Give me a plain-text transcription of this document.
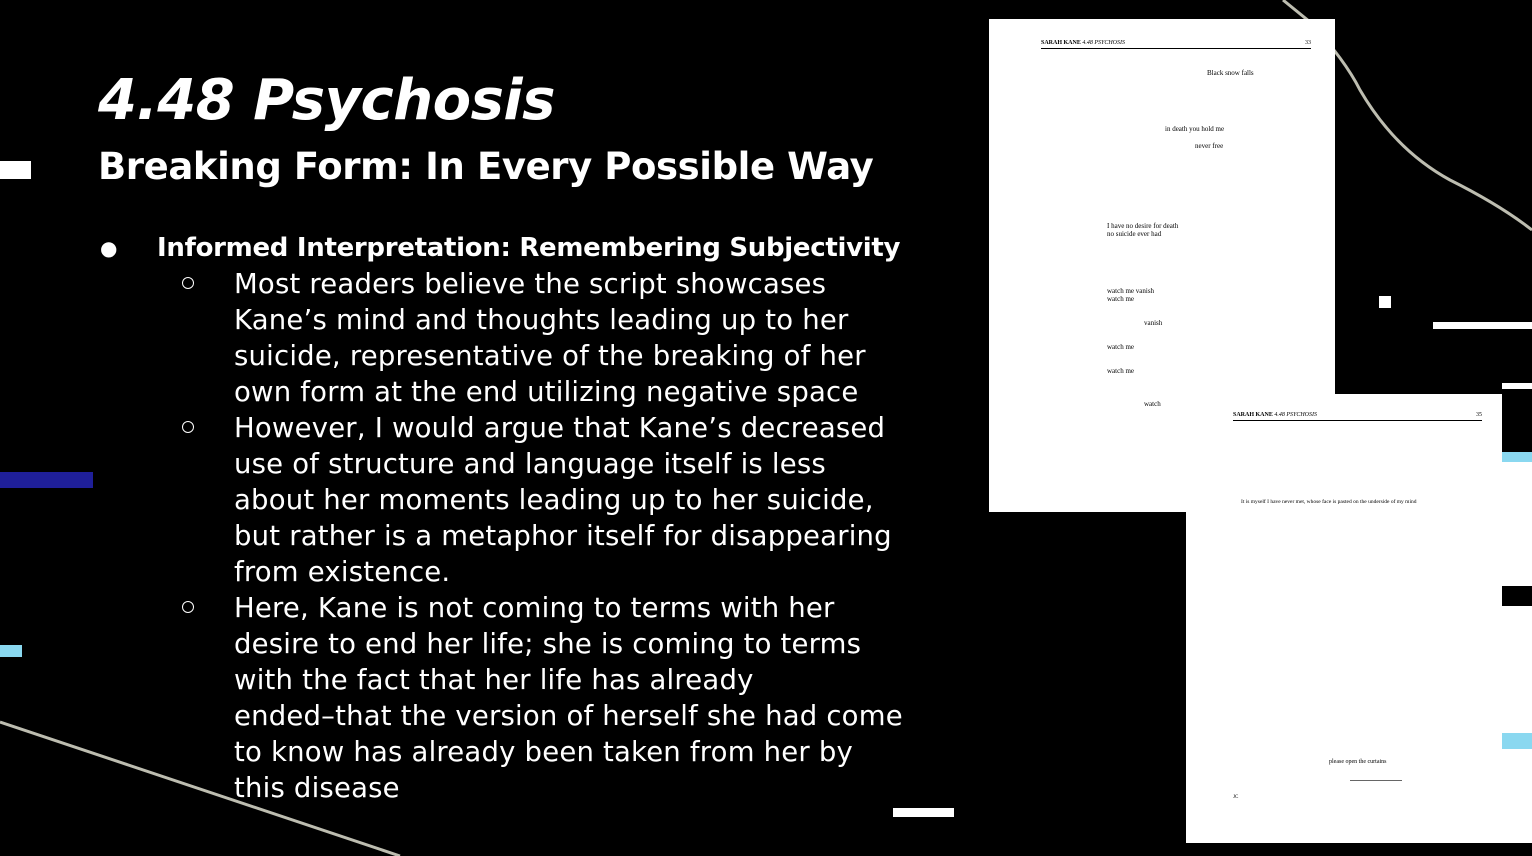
4.48 Psychosis
Breaking Form: In Every Possible Way
● Informed Interpretation: Remembering Subjectivity
Most readers believe the script showcases
Kane’s mind and thoughts leading up to her
suicide, representative of the breaking of her
own form at the end utilizing negative space
However, I would argue that Kane’s decreased
use of structure and language itself is less
about her moments leading up to her suicide,
but rather is a metaphor itself for disappearing
from existence.
Here, Kane is not coming to terms with her
desire to end her life; she is coming to terms
with the fact that her life has already
ended–that the version of herself she had come
to know has already been taken from her by
this disease
SARAH KANE 4.48 PSYCHOSIS	33
Black snow falls
in death you hold me
never free
I have no desire for death
no suicide ever had
watch me vanish
watch me
vanish
watch me
watch me
watch
SARAH KANE 4.48 PSYCHOSIS	35
It is myself I have never met, whose face is pasted on the underside of my mind
please open the curtains
JC
